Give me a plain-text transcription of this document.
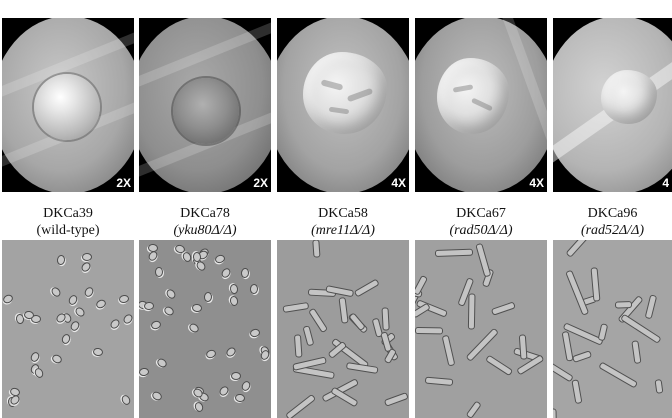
2X	2X	4X	4X	4
DKCa39
(wild-type)
DKCa78
(yku80Δ/Δ)
DKCa58
(mre11Δ/Δ)
DKCa67
(rad50Δ/Δ)
DKCa96
(rad52Δ/Δ)
